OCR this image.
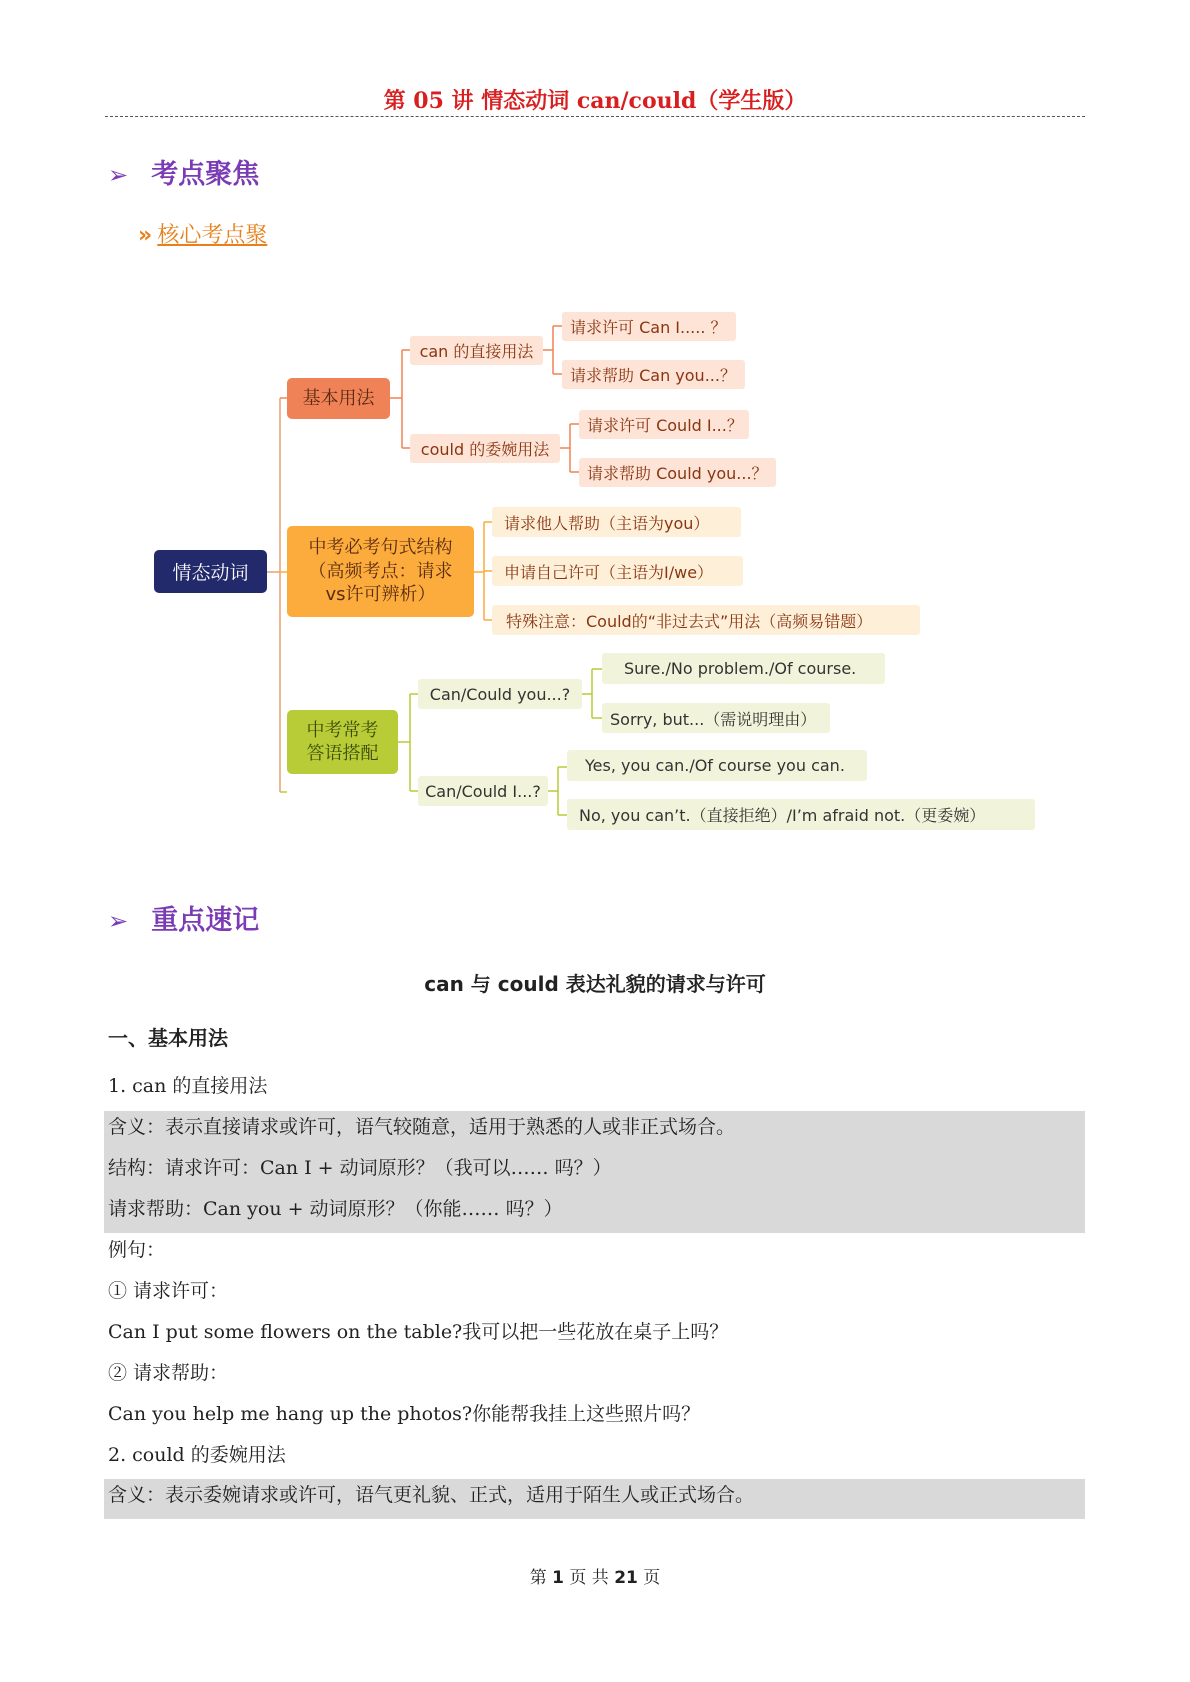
第 05 讲 情态动词 can/could（学生版）
➢ 考点聚焦
» 核心考点聚
情态动词
基本用法
can 的直接用法
请求许可 Can I..... ？
请求帮助 Can you...？
could 的委婉用法
请求许可 Could I...？
请求帮助 Could you...？
中考必考句式结构
（高频考点：请求
vs许可辨析）
请求他人帮助（主语为you）
申请自己许可（主语为I/we）
特殊注意：Could的“非过去式”用法（高频易错题）
中考常考
答语搭配
Can/Could you...?
Sure./No problem./Of course.
Sorry, but...（需说明理由）
Can/Could I...?
Yes, you can./Of course you can.
No, you can’t.（直接拒绝）/I’m afraid not.（更委婉）
➢ 重点速记
can 与 could 表达礼貌的请求与许可
一、基本用法
1. can 的直接用法
含义：表示直接请求或许可，语气较随意，适用于熟悉的人或非正式场合。
结构：请求许可：Can I + 动词原形？（我可以…… 吗？）
请求帮助：Can you + 动词原形？（你能…… 吗？）
例句：
① 请求许可：
Can I put some flowers on the table?我可以把一些花放在桌子上吗？
② 请求帮助：
Can you help me hang up the photos?你能帮我挂上这些照片吗？
2. could 的委婉用法
含义：表示委婉请求或许可，语气更礼貌、正式，适用于陌生人或正式场合。
第 1 页 共 21 页
